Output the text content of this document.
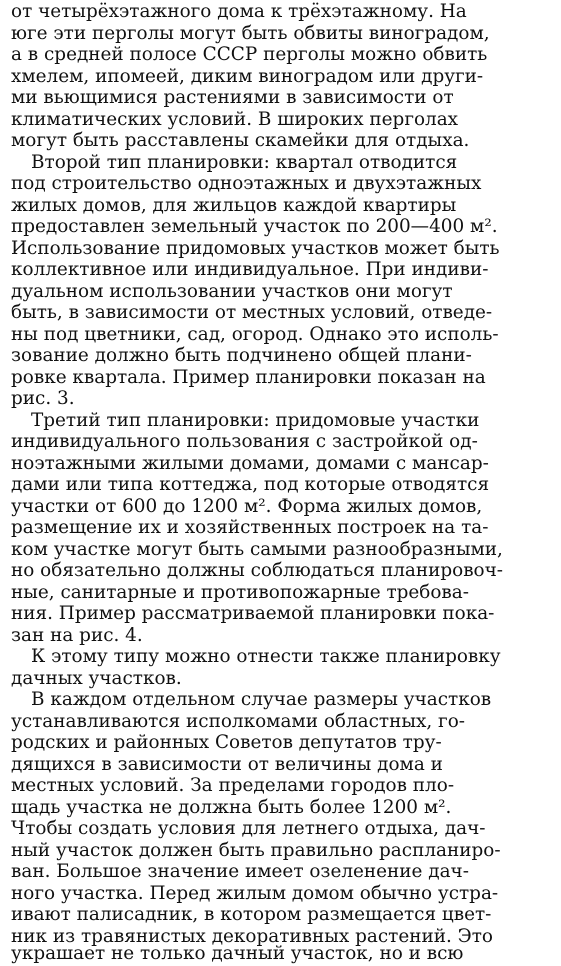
от четырёхэтажного дома к трёхэтажному. На
юге эти перголы могут быть обвиты виноградом,
а в средней полосе СССР перголы можно обвить
хмелем, ипомеей, диким виноградом или други-
ми вьющимися растениями в зависимости от
климатических условий. В широких перголах
могут быть расставлены скамейки для отдыха.
Второй тип планировки: квартал отводится
под строительство одноэтажных и двухэтажных
жилых домов, для жильцов каждой квартиры
предоставлен земельный участок по 200—400 м².
Использование придомовых участков может быть
коллективное или индивидуальное. При индиви-
дуальном использовании участков они могут
быть, в зависимости от местных условий, отведе-
ны под цветники, сад, огород. Однако это исполь-
зование должно быть подчинено общей плани-
ровке квартала. Пример планировки показан на
рис. 3.
Третий тип планировки: придомовые участки
индивидуального пользования с застройкой од-
ноэтажными жилыми домами, домами с мансар-
дами или типа коттеджа, под которые отводятся
участки от 600 до 1200 м². Форма жилых домов,
размещение их и хозяйственных построек на та-
ком участке могут быть самыми разнообразными,
но обязательно должны соблюдаться планировоч-
ные, санитарные и противопожарные требова-
ния. Пример рассматриваемой планировки пока-
зан на рис. 4.
К этому типу можно отнести также планировку
дачных участков.
В каждом отдельном случае размеры участков
устанавливаются исполкомами областных, го-
родских и районных Советов депутатов тру-
дящихся в зависимости от величины дома и
местных условий. За пределами городов пло-
щадь участка не должна быть более 1200 м².
Чтобы создать условия для летнего отдыха, дач-
ный участок должен быть правильно распланиро-
ван. Большое значение имеет озеленение дач-
ного участка. Перед жилым домом обычно устра-
ивают палисадник, в котором размещается цвет-
ник из травянистых декоративных растений. Это
украшает не только дачный участок, но и всю
